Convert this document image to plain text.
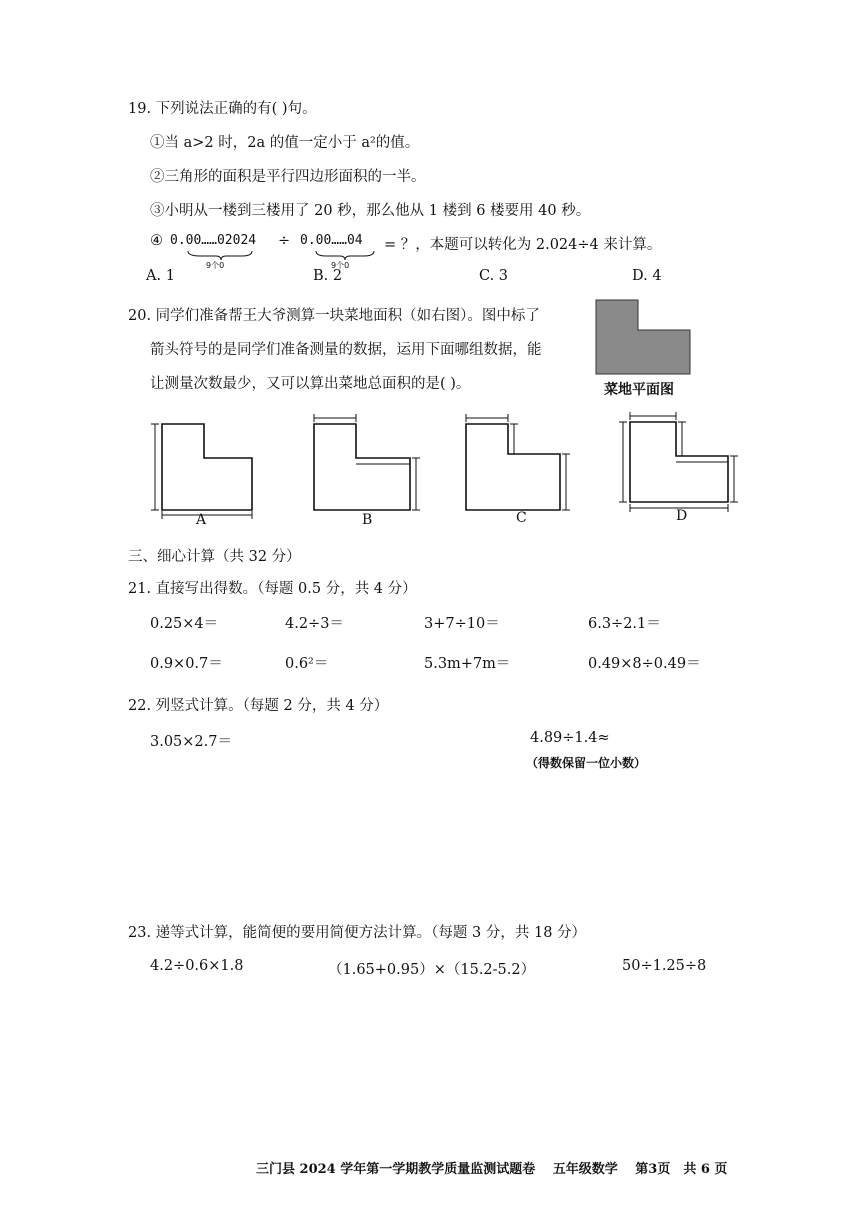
19. 下列说法正确的有( )句。
①当 a>2 时，2a 的值一定小于 a²的值。
②三角形的面积是平行四边形面积的一半。
③小明从一楼到三楼用了 20 秒，那么他从 1 楼到 6 楼要用 40 秒。
④ 0.00……02024
9个0
÷ 0.00……04
9个0
= ？，本题可以转化为 2.024÷4 来计算。
A. 1	B. 2	C. 3	D. 4
20. 同学们准备帮王大爷测算一块菜地面积（如右图）。图中标了
箭头符号的是同学们准备测量的数据，运用下面哪组数据，能
让测量次数最少，又可以算出菜地总面积的是( )。	菜地平面图
A	B	C	D
三、细心计算（共 32 分）
21. 直接写出得数。（每题 0.5 分，共 4 分）
0.25×4＝	4.2÷3＝	3+7÷10＝	6.3÷2.1＝
0.9×0.7＝	0.6²＝	5.3m+7m＝	0.49×8÷0.49＝
22. 列竖式计算。（每题 2 分，共 4 分）
3.05×2.7＝	4.89÷1.4≈
（得数保留一位小数）
23. 递等式计算，能简便的要用简便方法计算。（每题 3 分，共 18 分）
4.2÷0.6×1.8	（1.65+0.95）×（15.2-5.2）	50÷1.25÷8
三门县 2024 学年第一学期教学质量监测试题卷　 五年级数学　 第3页　共 6 页
